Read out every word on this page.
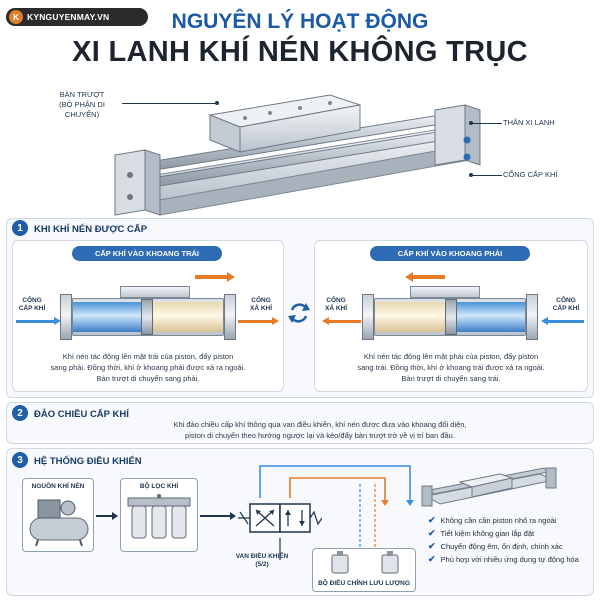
K KYNGUYENMAY.VN	NGUYÊN LÝ HOẠT ĐỘNG
XI LANH KHÍ NÉN KHÔNG TRỤC
BÀN TRƯỢT
(BỘ PHẬN DI CHUYỂN)
THÂN XI LANH
CỔNG CẤP KHÍ
1	KHI KHÍ NÉN ĐƯỢC CẤP
CẤP KHÍ VÀO KHOANG TRÁI
CỔNG
CẤP KHÍ
CỔNG
XẢ KHÍ
Khí nén tác động lên mặt trái của piston, đẩy piston
sang phải. Đồng thời, khí ở khoang phải được xả ra ngoài.
Bàn trượt di chuyển sang phải.
CẤP KHÍ VÀO KHOANG PHẢI
CỔNG
XẢ KHÍ
CỔNG
CẤP KHÍ
Khí nén tác động lên mặt phải của piston, đẩy piston
sang trái. Đồng thời, khí ở khoang trái được xả ra ngoài.
Bàn trượt di chuyển sang trái.
2	ĐẢO CHIỀU CẤP KHÍ
Khi đảo chiều cấp khí thông qua van điều khiển, khí nén được đưa vào khoang đối diện,
piston di chuyển theo hướng ngược lại và kéo/đẩy bàn trượt trở về vị trí ban đầu.
3	HỆ THỐNG ĐIỀU KHIỂN
NGUỒN KHÍ NÉN	BỘ LỌC KHÍ
VAN ĐIỀU KHIỂN
(5/2)
BỘ ĐIỀU CHỈNH LƯU LƯỢNG
✔ Không cần cần piston nhô ra ngoài
✔ Tiết kiệm không gian lắp đặt
✔ Chuyển động êm, ổn định, chính xác
✔ Phù hợp với nhiều ứng dụng tự động hóa
